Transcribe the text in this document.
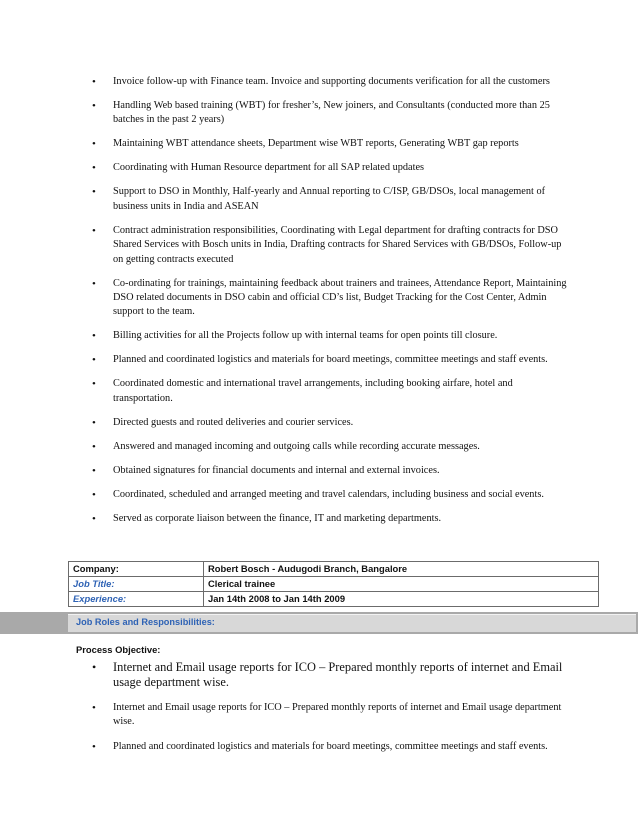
• Invoice follow-up with Finance team. Invoice and supporting documents verification for all the customers
• Handling Web based training (WBT) for fresher’s, New joiners, and Consultants (conducted more than 25 batches in the past 2 years)
• Maintaining WBT attendance sheets, Department wise WBT reports, Generating WBT gap reports
• Coordinating with Human Resource department for all SAP related updates
• Support to DSO in Monthly, Half-yearly and Annual reporting to C/ISP, GB/DSOs, local management of business units in India and ASEAN
• Contract administration responsibilities, Coordinating with Legal department for drafting contracts for DSO Shared Services with Bosch units in India, Drafting contracts for Shared Services with GB/DSOs, Follow-up on getting contracts executed
• Co-ordinating for trainings, maintaining feedback about trainers and trainees, Attendance Report, Maintaining DSO related documents in DSO cabin and official CD’s list, Budget Tracking for the Cost Center, Admin support to the team.
• Billing activities for all the Projects follow up with internal teams for open points till closure.
• Planned and coordinated logistics and materials for board meetings, committee meetings and staff events.
• Coordinated domestic and international travel arrangements, including booking airfare, hotel and transportation.
• Directed guests and routed deliveries and courier services.
• Answered and managed incoming and outgoing calls while recording accurate messages.
• Obtained signatures for financial documents and internal and external invoices.
• Coordinated, scheduled and arranged meeting and travel calendars, including business and social events.
• Served as corporate liaison between the finance, IT and marketing departments.
Company:	Robert Bosch - Audugodi Branch, Bangalore
Job Title:	Clerical trainee
Experience:	Jan 14th 2008 to Jan 14th 2009
Job Roles and Responsibilities:
Process Objective:
• Internet and Email usage reports for ICO – Prepared monthly reports of internet and Email usage department wise.
• Internet and Email usage reports for ICO – Prepared monthly reports of internet and Email usage department wise.
• Planned and coordinated logistics and materials for board meetings, committee meetings and staff events.
